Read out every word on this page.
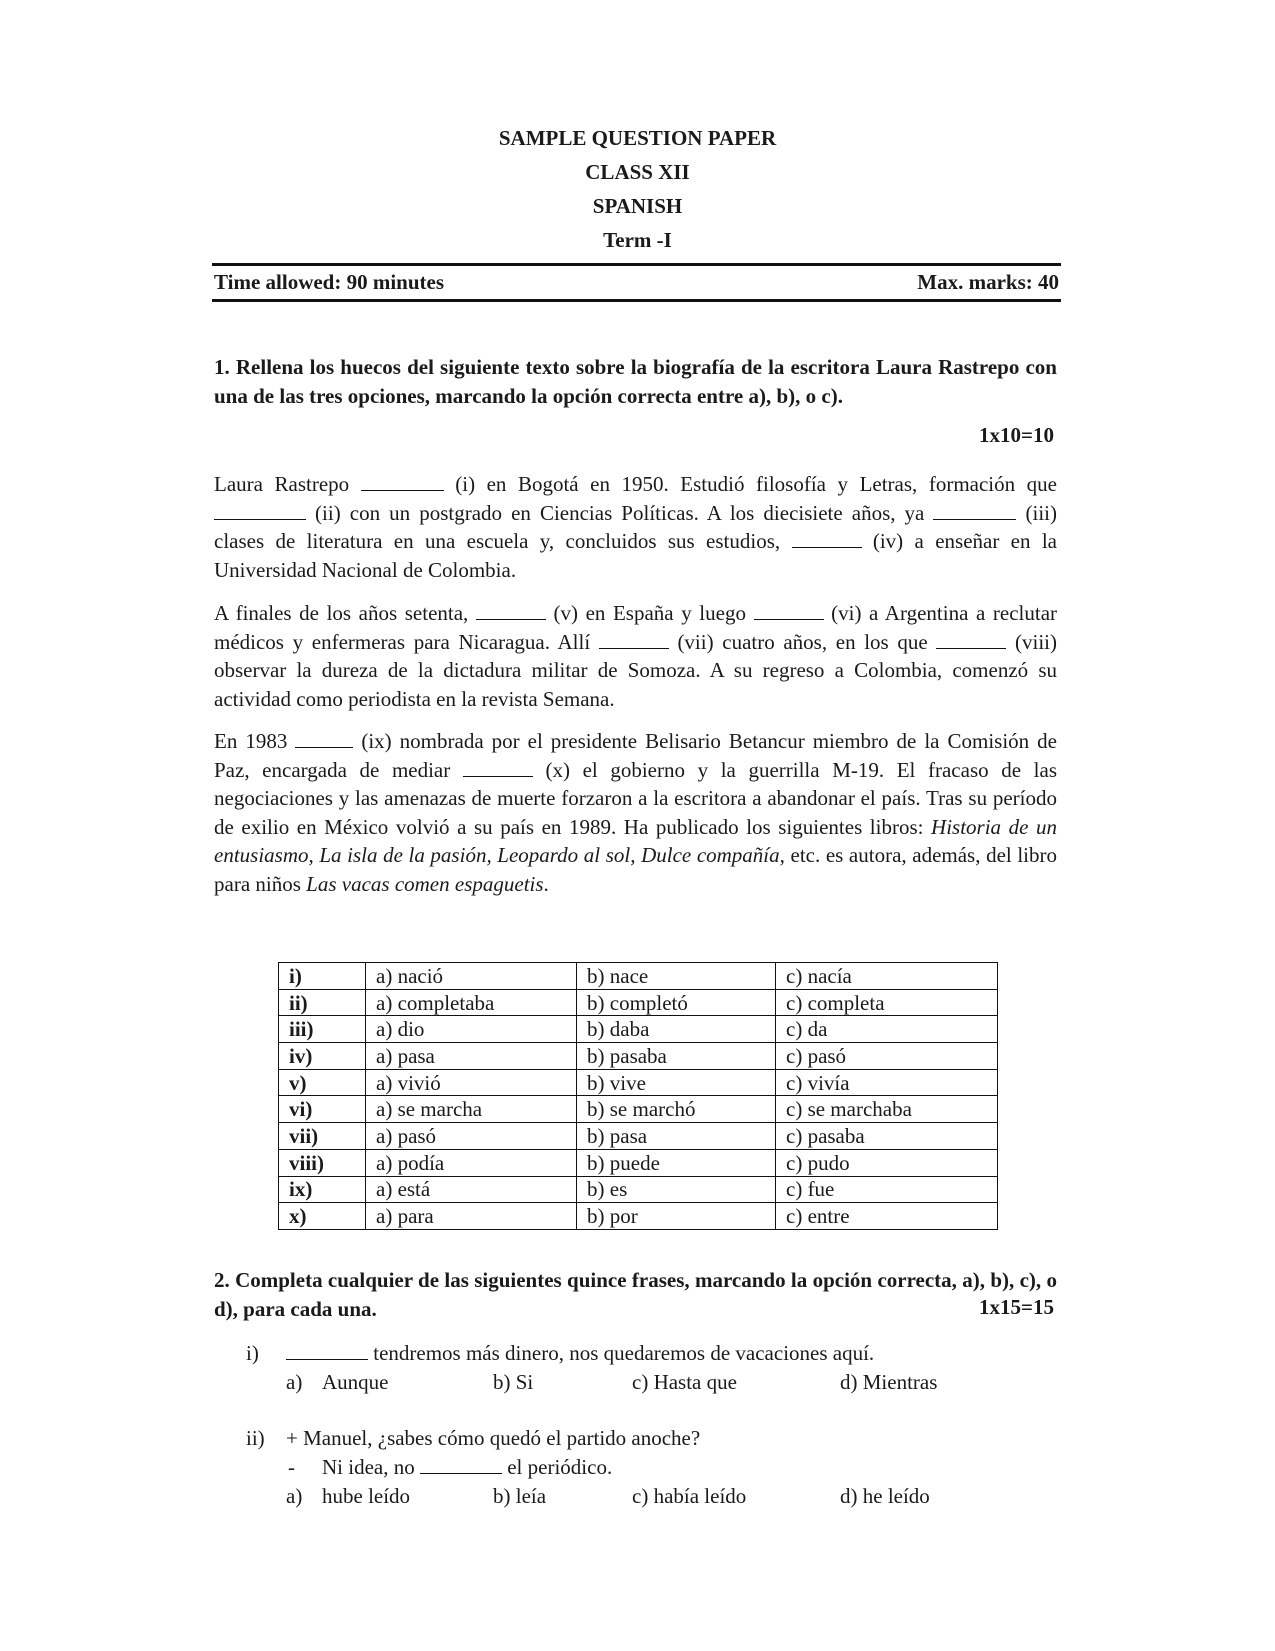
SAMPLE QUESTION PAPER
CLASS XII
SPANISH
Term -I
Time allowed: 90 minutes	Max. marks: 40
1. Rellena los huecos del siguiente texto sobre la biografía de la escritora Laura Rastrepo con una de las tres opciones, marcando la opción correcta entre a), b), o c).
1x10=10
Laura Rastrepo	(i) en Bogotá en 1950. Estudió filosofía y Letras, formación que  (ii) con un postgrado en Ciencias Políticas. A los diecisiete años, ya	(iii) clases de literatura en una escuela y, concluidos sus estudios,	(iv) a enseñar en la Universidad Nacional de Colombia.
A finales de los años setenta,	(v) en España y luego	(vi) a Argentina a reclutar médicos y enfermeras para Nicaragua. Allí	(vii) cuatro años, en los que	(viii) observar la dureza de la dictadura militar de Somoza. A su regreso a Colombia, comenzó su actividad como periodista en la revista Semana.
En 1983	(ix) nombrada por el presidente Belisario Betancur miembro de la Comisión de Paz, encargada de mediar	(x) el gobierno y la guerrilla M-19. El fracaso de las negociaciones y las amenazas de muerte forzaron a la escritora a abandonar el país. Tras su período de exilio en México volvió a su país en 1989. Ha publicado los siguientes libros: Historia de un entusiasmo, La isla de la pasión, Leopardo al sol, Dulce compañía, etc. es autora, además, del libro para niños Las vacas comen espaguetis.
i)	a) nació	b) nace	c) nacía
ii)	a) completaba	b) completó	c) completa
iii)	a) dio	b) daba	c) da
iv)	a) pasa	b) pasaba	c) pasó
v)	a) vivió	b) vive	c) vivía
vi)	a) se marcha	b) se marchó	c) se marchaba
vii)	a) pasó	b) pasa	c) pasaba
viii)	a) podía	b) puede	c) pudo
ix)	a) está	b) es	c) fue
x)	a) para	b) por	c) entre
2. Completa cualquier de las siguientes quince frases, marcando la opción correcta, a), b), c), o d), para cada una.	1x15=15
i)	tendremos más dinero, nos quedaremos de vacaciones aquí.
a) Aunque	b) Si	c) Hasta que	d) Mientras
ii) + Manuel, ¿sabes cómo quedó el partido anoche?
- Ni idea, no	el periódico.
a) hube leído	b) leía	c) había leído	d) he leído
